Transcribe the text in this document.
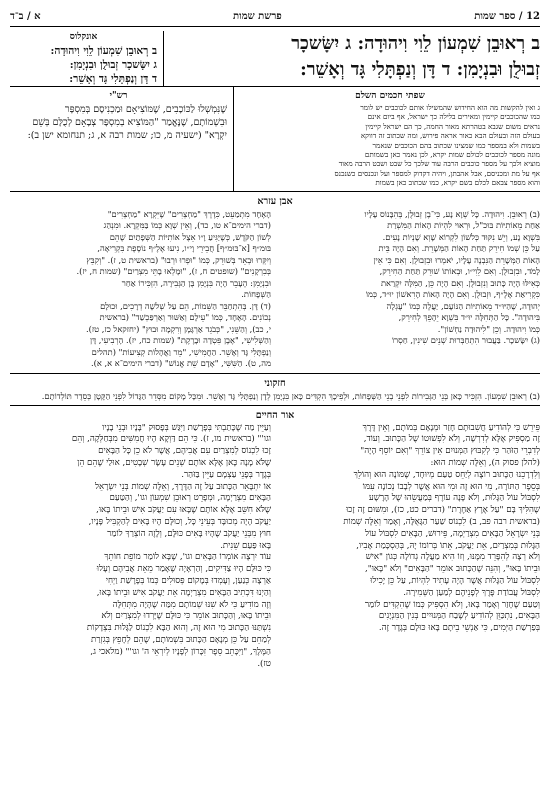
12 / ספר שמות
פרשת שמות
א / ב־ד
ב רְאוּבֵן שִׁמְעוֹן לֵוִי וִיהוּדָה: ג יִשָּׂשכָר
זְבוּלֻן וּבִנְיָמִן: ד דָּן וְנַפְתָּלִי גָּד וְאָשֵׁר:
אונקלוס
ב רְאוּבֵן שִׁמְעוֹן לֵוִי וִיהוּדָה:
ג יִשָּׂשכָר זְבוּלֻן וּבִנְיָמִן:
ד דָּן וְנַפְתָּלִי גָּד וְאָשֵׁר:
שפתי חכמים השלם
ג ואין להקשות מה הוא החידוש שהמשילו אותם לכוכבים יש לומר
כמו שהכוכבים קיימין ומאירים בלילה כך ישראל, אף ביום אינם
נראים משום שגבא בטהרתא מאור החמה, כך הם ישראל קיימין
בעולם הזה ובעולם הבא כאור אראה פירוש, ומה שכתוב זה דווקא
בשמות ולא במספר כמו שמצינו שכתוב בהם הכוכבים שנאמר
מונה מספר לכוכבים לכולם שמות יקרא, לכן נאמר כאן בשמותם
מוציא ולכך על מספר כוכבים הרבה עוד שלכך כל שבט ושבט הרבה מאוד
אף על מת ומכניסם, אבל אהבתן, ויהיה דקדוק למספר ועל ונכנסים כשנכנס
והוא מספר צבאם לכלם בשם יקרא, כמו שכתוב כאן בשמות
רש"י
שֶׁנִּמְשְׁלוּ לַכּוֹכָבִים, שֶׁמּוֹצִיאָם וּמַכְנִיסָם בְּמִסְפָּר
וּבִשְׁמוֹתָם, שֶׁנֶּאֱמַר "הַמּוֹצִיא בְמִסְפָּר צְבָאָם לְכֻלָּם בְּשֵׁם
יִקְרָא" (ישעיה מ, כו; שמות רבה א, ג; תנחומא ישן ב):
אבן עזרא
(ב) רְאוּבֵן. וִיהוּדָה. כָּל שְׁוָא נָע, כִּי־בֶן זְבוּלֻן, בְּהִבָּנוֹס עָלָיו
אַחַת מֵאוֹתִיּוֹת בּוּכ"ל, וּרְאוּי לִהְיוֹת הָאוֹת הַמִּשְׁרַת
בִּשְׁוָא נָע, וְיֵשׁ נִקּוּד כְּלֹשׁוֹן לִקְרוֹא שָׁוְא שָׁנְיוֹת נָעִים.
עַל כֵּן שְׁמוֹ חִירֵק תַּחַת הָאוֹת הַמְּשָׁרֵת. וְאִם הָיָה בֵּית
הָאוֹת הַמְּשָׁרֵת הַנִּבְנֶה עָלָיו, יֹאמְרוּ וּבִזְבוּלֻן. וְאִם כִּי אֵין
לָמֹד, וּבִזְבוּלֻן. וְאִם לֵוִי״ו, וּבְאוֹתוֹ שׁוּרֵק תַּחַת הַחִירֵק,
כְּאִילּוּ הָיָה כָּתוּב וְנִזְבוּלֻן. וְאִם הָיָה כֵּן, הַמִּלָּה יִקְרַאת
כִּקְרִיאַת אָלֶ״ף, וּזְבוּלֻן. וְאִם הָיָה הָאוֹת הָרִאשׁוֹן יוּ״ד, כְּמוֹ
יְהוּדָה, שֶׁהַיּוּ״ד מֵאוֹתִיּוֹת הַנּוֹעָם, יַעֲלֶה כְּמוֹ "עֶגְלָה
בִּיהוּדָה". כָּל הַתְּחִלָּה יוּ״ד בִּשְׁוָא יֵהָפֵךְ לְחִירֵק,
כְּמוֹ וִיהוּדָה. וְכֵן "לִיהוּדָה נַחְשׁוֹן".
(ג) יִשָּׂשכָר. בַּעֲבוּר הִתְחַבְּרוּת שְׁנֵים שִׁינִין, חַסְרוֹ
הָאֶחָד מִתְמַעֵט, כִּדֶרֶךְ "מַחְצְרִים" שֶׁיִּקְרָא "מַחְצְרִים"
(דברי הימים־א טו, כד), וְאֵין שְׁוָא כְּמוֹ בַּמִּקְרָא. וּמִנְהַג
לְשׁוֹן הַקֹּדֶשׁ, כְּשֶׁיַּגִּיעַ וָ״ו אֵצֶל אוֹתִיּוֹת הַשְּׁפָתַיִם שֶׁהֵם
בּוּמ״ף [א־בּוּמ״ף] חֲבֵירֵי וָי״ו, נִיעוּ אֶלֶ״ף נוֹסֶפֶת בִּקְרִיאָה,
וְיִקְּרוּ וּבְאֵר בְּשׁוּרֵק, כְּמוֹ "וּפְרוּ וּרְבוּ" (בראשית ט, ז). "וְקִבֵּץ
בְּבִרְקָנִים" (שופטים ח, ז), "וּמָלְאוּ בָתֵּי מִצְרַיִם" (שמות ח, יז).
וּבִנְיָמִן: הֶעָבֵר הָיָה בִּנְיָמִן בֶּן הַגְּבִירָה, הִזְכִּירוֹ אַחַר
הַשְּׁפָחוֹת.
(ד) דָּן. בְּהִתְחַבֵּר הַשֵּׁמוֹת, הֵם עַל שְׁלשָׁה דְרָכִים, וּכוּלָם
נְכוֹנִים. הָאֶחָד, כְּמוֹ "עֵילָם וְאַשּׁוּר וְאַרְפַּכְשַׁד" (בראשית
י, כב), וְהַשֵּׁנִי, "כְּבֹגֵד אַרְגָּמָן וְרִקְמָה וּבוּץ" (יחזקאל כז, טז).
וְהַשְּׁלִישִׁי, "אֶבֶן פִּטְדָה וּבָרֶקֶת" (שמות כח, יז). הָרְבִיעִי, דָּן
וְנַפְתָּלִי גָּד וְאָשֵׁר. הַחֲמִישִׁי, "מֵר וַאֲהָלוֹת קְצִיעוֹת" (תהלים
מה, ט). הַשִּׁשִּׁי, "אָדָם שֵׁת אֱנוֹשׁ" (דברי הימים־א א, א).
חזקוני

(ב) רְאוּבֵן שִׁמְעוֹן. הִזְכִּיר כָּאן בְּנֵי הַגְּבִירוֹת לִפְנֵי בְנֵי הַשְּׁפָחוֹת, וּלְפִיכָךְ הִקְדִּים כָּאן בִּנְיָמִן לְדָן וְנַפְתָּלִי גָּד וְאָשֵׁר. וּמִכָּל מָקוֹם מִסְּדֵר הַגָּדוֹל לִפְנֵי הַקָּטָן כְּסֵדֶר תּוֹלְדוֹתָם.

אור החיים
פֵּירֵשׁ כִּי לְהוֹדִיעַ חֲשִׁבוּתָם חָזַר וּמְנָאָם בְּמוֹתָם, וְאֵין דֶּרֶךְ
זֶה מַסְפִּיק אֶלָּא לְדִרְשָׁה, וְלֹא לִפְשׁוּטוֹ שֶׁל הַכָּתוּב. וְעוֹד,
לְדִבְרֵי הַזֹּהַר כִּי לְקִבּוּץ הַמְּנוּיִם אֵין צוֹרֵךְ "וְאִם יוֹסֵף הָיָה"
(להלן פסוק ה), וְאֵלֶּה שְׁמוֹת הוּא:
וְלִדְרָכֵנוּ הַכָּתוּב רוֹצֶה לְיַחֵס טַעַם מְיוּחָד, שֶׁמּוֹנָה הוּא וְהוֹלֵךְ
בְּסֵפֶר הַתּוֹרָה, מִי הוּא זֶה וּמִי הוּא אֲשֶׁר לְבָבוֹ נְכוֹנָה עִמּוֹ
לִסְבּוֹל עוֹל הַגָּלוּת, וְלֹא פָנָה עוֹרֶף בְּמַעֲשֵׂהוּ שֶׁל הָרָשָׁע
שֶׁהִלִּיךְ בָּם "עַל אֶרֶץ אַחֶרֶת" (דברים כט, כז), וּמִשּׁוּם זֶה זָכוּ
(בראשית רבה פב, ב) לִכְנוֹס שַׁעַר הַגָּאֻלָּה, וְאָמַר וְאֵלֶּה שְׁמוֹת
בְּנֵי יִשְׂרָאֵל הַבָּאִים מִצְרַיְמָה, פֵּירוּשׁ, הַבָּאִים לִסְבּוֹל עוֹל
הַגָּלוּת בְּמִצְרַיִם, אֵת יַעֲקֹב, אֵתוֹ בְּרוֹמוֹ יָהּ, בְּהַסְכָּמַת אָבִיו,
וְלֹא רְצָה לְהִפָּרֵד מִמֶּנּוּ, וְזוֹ הִיא מַעֲלָה גְדוֹלָה כְּגוֹן "אִישׁ
וּבֵיתוֹ בָּאוּ", וְהִנֵּה שֶׁהַכָּתוּב אוֹמֵר "הַבָּאִים" וְלֹא "בָּאוּ",
לִסְבּוֹל עוֹל הַגָּלוּת אֲשֶׁר הָיָה עָתִיד לִהְיוֹת, עַל כֵּן יָכִילוּ
לִסְבּוֹל עֲבוֹדַת פֶּרֶךְ לְפָנֵיהֶם לְמַעַן הַשְּׁמִירָה.
וְטַעַם שֶׁחָזַר וְאָמַר בָּאוּ, וְלֹא הִסְפִּיק כְּמוֹ שֶׁהִקְדִּים לוֹמַר
הַבָּאִים, נִתְכַּוֵּן לְהוֹדִיעַ לְשֶׁבַח הַמְּנוּיִים בְּנִין הַמִּנְיָנִים
בְּפַרְשַׁת הַיְּמִים, כִּי אַנְשֵׁי בֵיתָם בָּאוּ כּוּלָם בְּגֶדֶר זֶה.
וְעַיֵּין מַה שֶׁכָּתַבְתִּי בְּפָרָשַׁת וַיִּגַּשׁ בְּפָסוּק "בָּנָיו וּבְנֵי בָנָיו
וגו'" (בראשית מו, ז). כִּי הֵם דַּוְקָא הָיוּ חֲמִשִּׁים מִבְּחַלְּקָה, וְהֵם
זָכוּ לִכְנוֹס לְמִצְרַיִם עִם אֲבִיהֶם, אֲשֶׁר לֹא כֵן כָּל הַבָּאִים
שֶׁלֹּא מָנָה כָּאן אֶלָּא אוֹתָם שְׁנֵים עָשָׂר שְׁבָטִים, אוּלַי שֶׁהֵם הֵן
בְּגֶדֶר בְּפָנֵי עַצְמָם עַיֵּין בַּזֹּהַר.
אוֹ יִתְבָּאֵר הַכָּתוּב עַל זֶה הַדֶּרֶךְ, וְאֵלֶּה שְׁמוֹת בְּנֵי יִשְׂרָאֵל
הַבָּאִים מִצְרַיְמָה, וּמְפָרֵט רְאוּבֵן שִׁמְעוֹן וגו', וְהַטַּעַם
שֶׁלֹּא חִשֵּׁב אֶלָּא אוֹתָם שֶׁבָּאוּ עִם יַעֲקֹב אִישׁ וּבֵיתוֹ בָּאוּ,
יַעֲקֹב הָיָה מְכוּבָּד בְּעֵינֵי כָּל, וְכוּלָּם הָיוּ בָּאִים לְהַקְבִּיל פָּנָיו,
חוּץ מִבְּנֵי יַעֲקֹב שֶׁהָיוּ בָּאִים כּוּלָּם, וְלָזֶה הוֹצְרַךְ לוֹמַר
בָּאוּ פַּעַם שֵׁנִית.
עוֹד יִרְצֶה אוֹמְרוֹ הַבָּאִים וגו', שֶׁבָּא לוֹמַר מוֹפֵת חוֹתֵךְ
כִּי כּוּלָּם הָיוּ צַדִּיקִים, וְהַרְאָיָה שֶׁאָמַר מֵאֵת אֲבִיהֶם וְעָלוּ
אַרְצָה כְּנַעַן, וְעָמְדוּ בְּמָקוֹם פְּסוּלִים כְּמוֹ בְּפָרָשַׁת וַיְחִי
וְהַיְנוּ דִּכְתִיב הַבָּאִים מִצְרַיְמָה אֵת יַעֲקֹב אִישׁ וּבֵיתוֹ בָּאוּ,
וְזֶה מוֹדִיעַ כִּי לֹא שִׁנּוּ שְׁמוֹתָם מִמַּה שֶׁהָיָה מִתְּחִלָּה
וּבֵיתוֹ בָּאוּ, וְהַכָּתוּב אוֹמֵר כִּי כּוּלָּם שֶׁיָּרְדוּ לְמִצְרַיִם וְלֹא
נִשְׁתַּנּוּ הַכָּתוּב מִי הוּא זֶה, וְהוּא הַבָּא לִכְנוֹס לַגָּלוּת בִּצְדָקוֹת
לְמַחֵם עַל כֵּן מְנָאָם הַכָּתוּב בִּשְׁמוֹתָם, שֶׁהֵם לְחָפֵץ בְּגִזְרַת
הַמֶּלֶךְ, "וַיִּכָּתֵב סֵפֶר זִכָּרוֹן לְפָנָיו לְיִרְאֵי ה' וגו'" (מלאכי ג,
טז).
